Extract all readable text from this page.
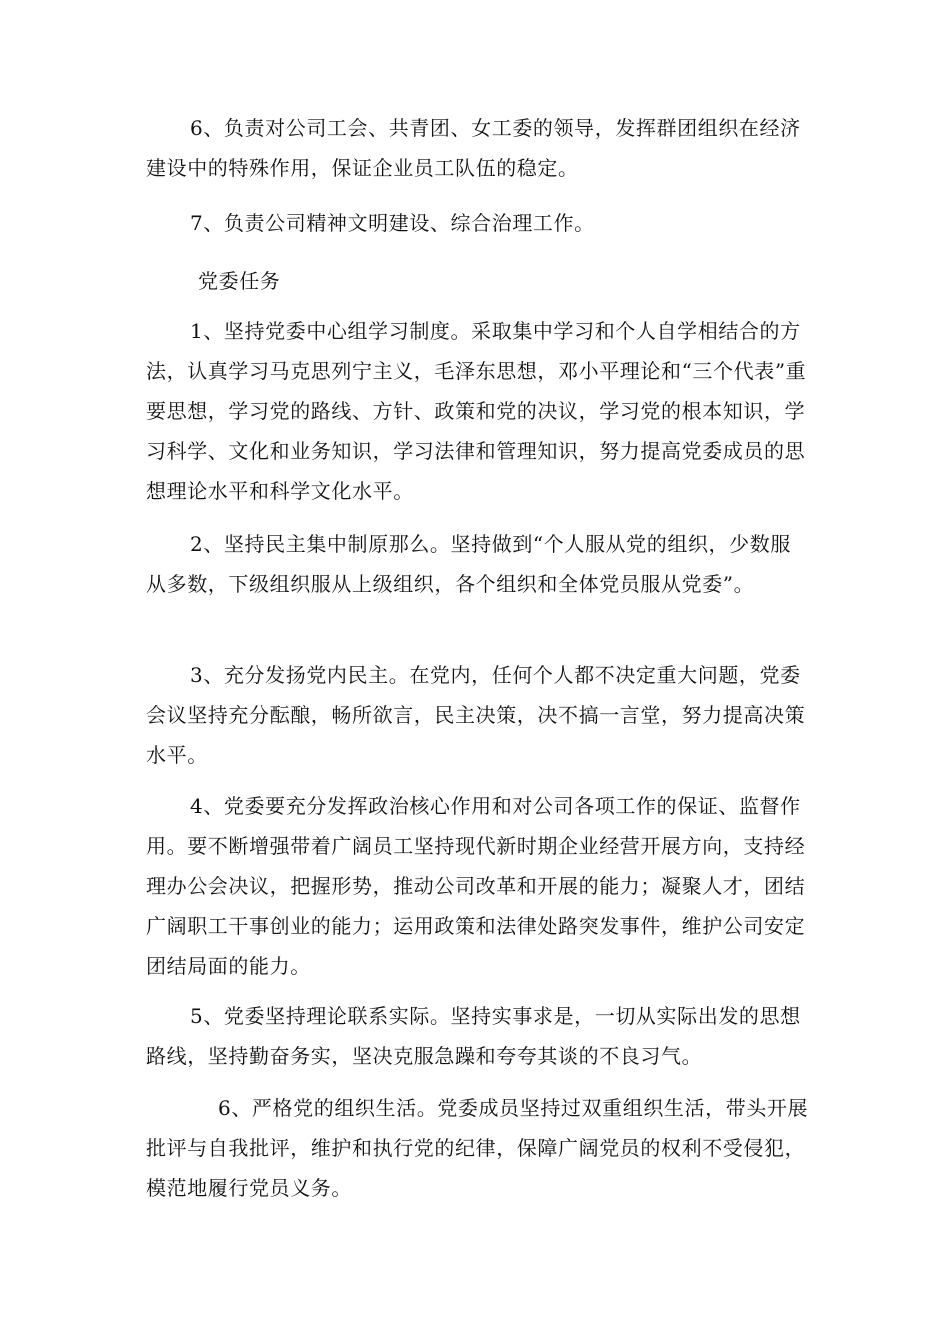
6、负责对公司工会、共青团、女工委的领导，发挥群团组织在经济建设中的特殊作用，保证企业员工队伍的稳定。

7、负责公司精神文明建设、综合治理工作。

党委任务

1、坚持党委中心组学习制度。采取集中学习和个人自学相结合的方法，认真学习马克思列宁主义，毛泽东思想，邓小平理论和“三个代表”重要思想，学习党的路线、方针、政策和党的决议，学习党的根本知识，学习科学、文化和业务知识，学习法律和管理知识，努力提高党委成员的思想理论水平和科学文化水平。

2、坚持民主集中制原那么。坚持做到“个人服从党的组织，少数服从多数，下级组织服从上级组织，各个组织和全体党员服从党委”。

3、充分发扬党内民主。在党内，任何个人都不决定重大问题，党委会议坚持充分酝酿，畅所欲言，民主决策，决不搞一言堂，努力提高决策水平。

4、党委要充分发挥政治核心作用和对公司各项工作的保证、监督作用。要不断增强带着广阔员工坚持现代新时期企业经营开展方向，支持经理办公会决议，把握形势，推动公司改革和开展的能力；凝聚人才，团结广阔职工干事创业的能力；运用政策和法律处路突发事件，维护公司安定团结局面的能力。

5、党委坚持理论联系实际。坚持实事求是，一切从实际出发的思想路线，坚持勤奋务实，坚决克服急躁和夸夸其谈的不良习气。

6、严格党的组织生活。党委成员坚持过双重组织生活，带头开展批评与自我批评，维护和执行党的纪律，保障广阔党员的权利不受侵犯，模范地履行党员义务。
